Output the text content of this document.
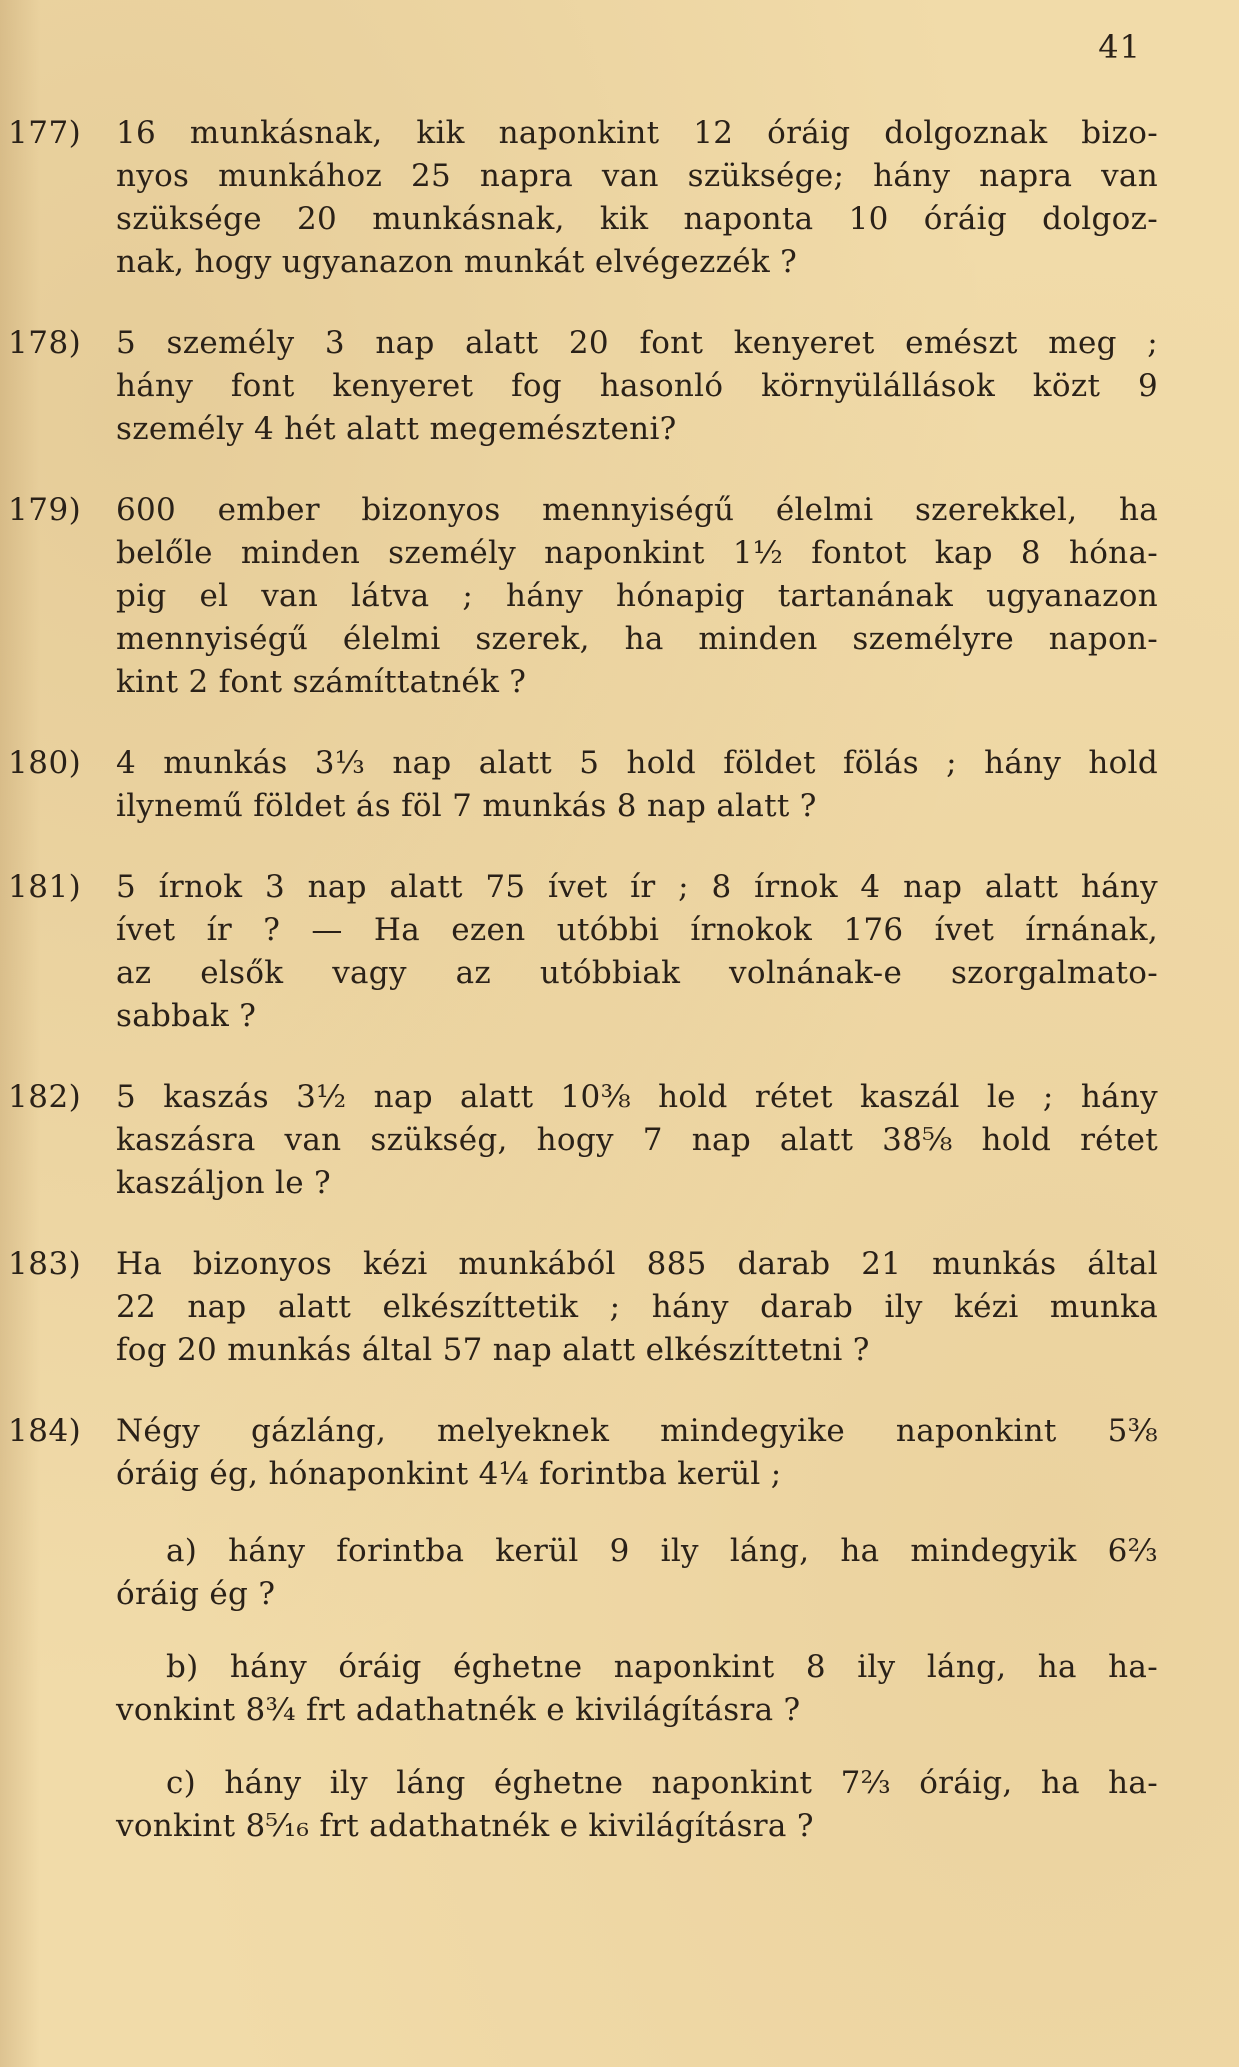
41
177)	16 munkásnak, kik naponkint 12 óráig dolgoznak bizo-
nyos munkához 25 napra van szüksége; hány napra van
szüksége 20 munkásnak, kik naponta 10 óráig dolgoz-
nak, hogy ugyanazon munkát elvégezzék ?
178)	5 személy 3 nap alatt 20 font kenyeret emészt meg ;
hány font kenyeret fog hasonló környülállások közt 9
személy 4 hét alatt megemészteni?
179)	600 ember bizonyos mennyiségű élelmi szerekkel, ha
belőle minden személy naponkint 1½ fontot kap 8 hóna-
pig el van látva ; hány hónapig tartanának ugyanazon
mennyiségű élelmi szerek, ha minden személyre napon-
kint 2 font számíttatnék ?
180)	4 munkás 3⅓ nap alatt 5 hold földet fölás ; hány hold
ilynemű földet ás föl 7 munkás 8 nap alatt ?
181)	5 írnok 3 nap alatt 75 ívet ír ; 8 írnok 4 nap alatt hány
ívet ír ? — Ha ezen utóbbi írnokok 176 ívet írnának,
az elsők vagy az utóbbiak volnának-e szorgalmato-
sabbak ?
182)	5 kaszás 3½ nap alatt 10⅜ hold rétet kaszál le ; hány
kaszásra van szükség, hogy 7 nap alatt 38⅝ hold rétet
kaszáljon le ?
183)	Ha bizonyos kézi munkából 885 darab 21 munkás által
22 nap alatt elkészíttetik ; hány darab ily kézi munka
fog 20 munkás által 57 nap alatt elkészíttetni ?
184)	Négy gázláng, melyeknek mindegyike naponkint 5⅜
óráig ég, hónaponkint 4¼ forintba kerül ;
a) hány forintba kerül 9 ily láng, ha mindegyik 6⅔
óráig ég ?
b) hány óráig éghetne naponkint 8 ily láng, ha ha-
vonkint 8¾ frt adathatnék e kivilágításra ?
c) hány ily láng éghetne naponkint 7⅔ óráig, ha ha-
vonkint 8⁵⁄₁₆ frt adathatnék e kivilágításra ?
